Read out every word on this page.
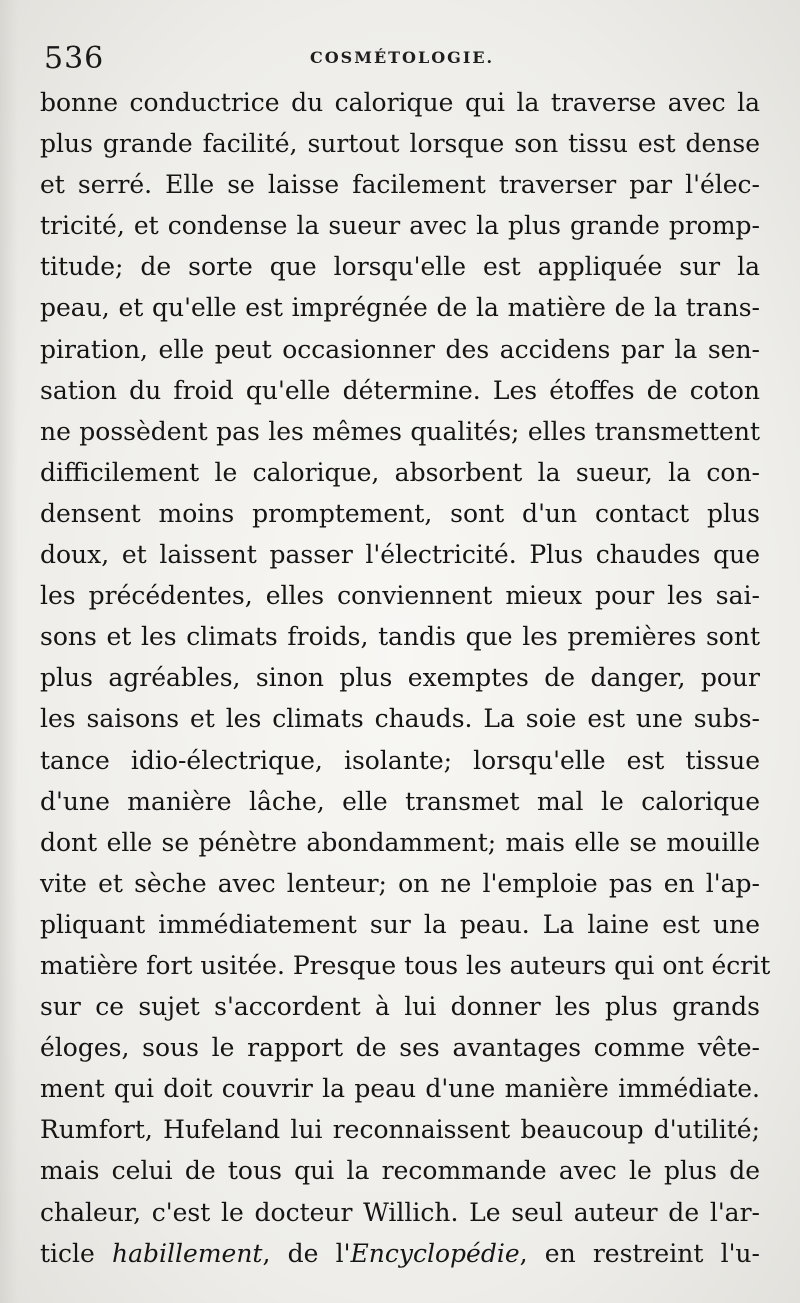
536	COSMÉTOLOGIE.
bonne conductrice du calorique qui la traverse avec la
plus grande facilité, surtout lorsque son tissu est dense
et serré. Elle se laisse facilement traverser par l'élec-
tricité, et condense la sueur avec la plus grande promp-
titude; de sorte que lorsqu'elle est appliquée sur la
peau, et qu'elle est imprégnée de la matière de la trans-
piration, elle peut occasionner des accidens par la sen-
sation du froid qu'elle détermine. Les étoffes de coton
ne possèdent pas les mêmes qualités; elles transmettent
difficilement le calorique, absorbent la sueur, la con-
densent moins promptement, sont d'un contact plus
doux, et laissent passer l'électricité. Plus chaudes que
les précédentes, elles conviennent mieux pour les sai-
sons et les climats froids, tandis que les premières sont
plus agréables, sinon plus exemptes de danger, pour
les saisons et les climats chauds. La soie est une subs-
tance idio-électrique, isolante; lorsqu'elle est tissue
d'une manière lâche, elle transmet mal le calorique
dont elle se pénètre abondamment; mais elle se mouille
vite et sèche avec lenteur; on ne l'emploie pas en l'ap-
pliquant immédiatement sur la peau. La laine est une
matière fort usitée. Presque tous les auteurs qui ont écrit
sur ce sujet s'accordent à lui donner les plus grands
éloges, sous le rapport de ses avantages comme vête-
ment qui doit couvrir la peau d'une manière immédiate.
Rumfort, Hufeland lui reconnaissent beaucoup d'utilité;
mais celui de tous qui la recommande avec le plus de
chaleur, c'est le docteur Willich. Le seul auteur de l'ar-
ticle habillement, de l'Encyclopédie, en restreint l'u-
